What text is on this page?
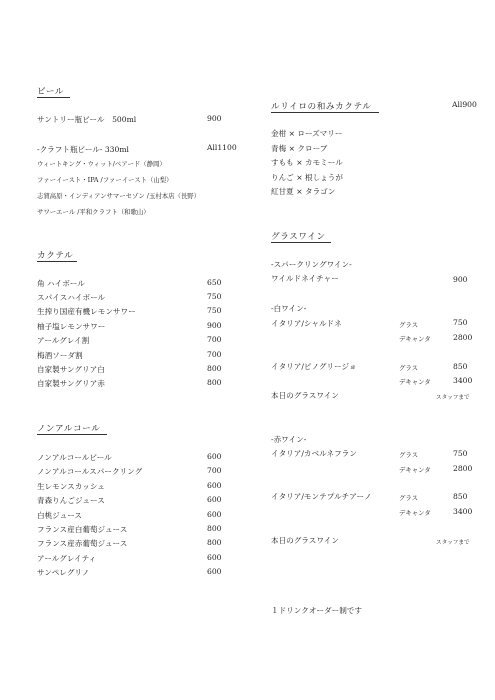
ビール
サントリー瓶ビール　500ml	900
-クラフト瓶ビール- 330ml	All1100
ウィートキング・ウィット/ベアード（静岡）
ファーイースト・IPA /ファーイースト（山梨）
志賀高原・インディアンサマーセゾン /玉村本店（長野）
サワーエール /平和クラフト（和歌山）
カクテル
角 ハイボール	650
スパイスハイボール	750
生搾り国産有機レモンサワー	750
柚子塩レモンサワー	900
アールグレイ割	700
梅酒ソーダ割	700
自家製サングリア白	800
自家製サングリア赤	800
ノンアルコール
ノンアルコールビール	600
ノンアルコールスパークリング	700
生レモンスカッシュ	600
青森りんごジュース	600
白桃ジュース	600
フランス産白葡萄ジュース	800
フランス産赤葡萄ジュース	800
アールグレイティ	600
サンペレグリノ	600
ルリイロの和みカクテル	All900
金柑 × ローズマリー
青梅 × クローブ
すもも × カモミール
りんご × 根しょうが
紅甘夏 × タラゴン
グラスワイン
-スパークリングワイン-
ワイルドネイチャー	900
-白ワイン-
イタリア/シャルドネ	グラス	750
デキャンタ	2800
イタリア/ピノグリージョ	グラス	850
デキャンタ	3400
本日のグラスワイン	スタッフまで
-赤ワイン-
イタリア/カベルネフラン	グラス	750
デキャンタ	2800
イタリア/モンテプルチアーノ	グラス	850
デキャンタ	3400
本日のグラスワイン	スタッフまで
１ドリンクオーダー制です
